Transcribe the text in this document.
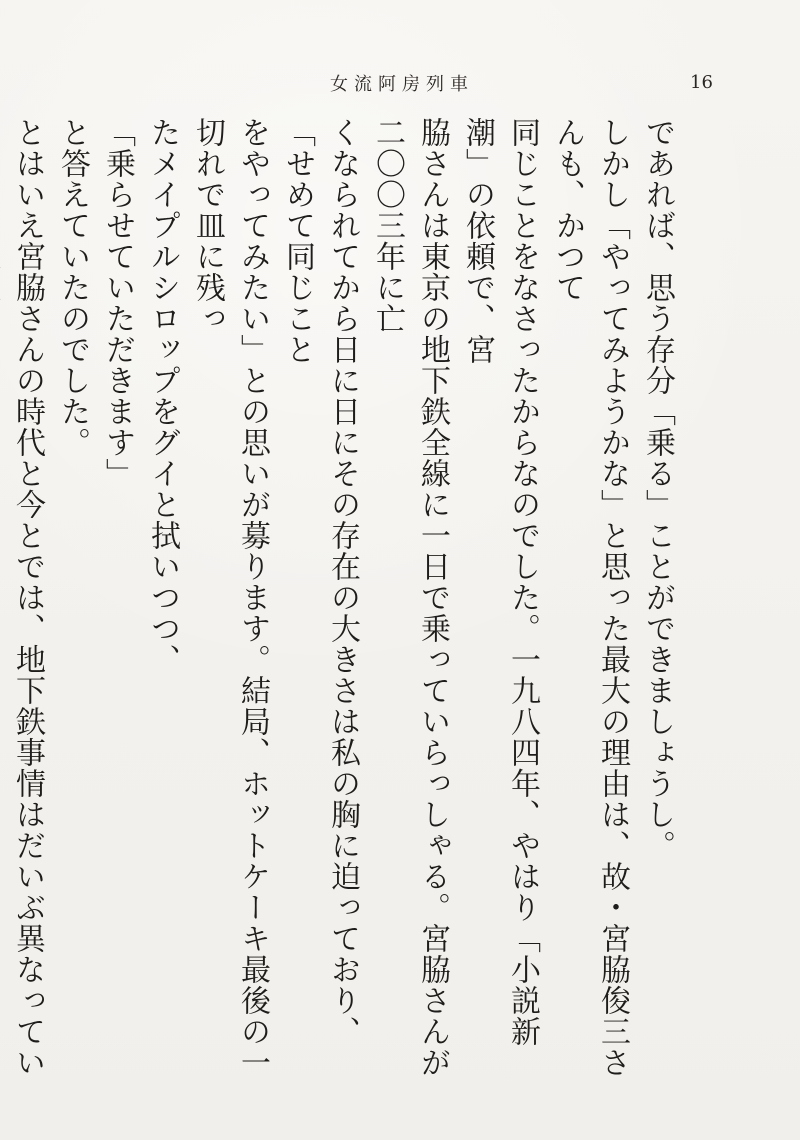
女流阿房列車	16

であれば、思う存分「乗る」ことができましょうし。

しかし「やってみようかな」と思った最大の理由は、故・宮脇俊三さんも、かつて

同じことをなさったからなのでした。一九八四年、やはり「小説新潮」の依頼で、宮

脇さんは東京の地下鉄全線に一日で乗っていらっしゃる。宮脇さんが二〇〇三年に亡

くなられてから日に日にその存在の大きさは私の胸に迫っており、「せめて同じこと

をやってみたい」との思いが募ります。結局、ホットケーキ最後の一切れで皿に残っ

たメイプルシロップをグイと拭いつつ、

「乗らせていただきます」

と答えていたのでした。

とはいえ宮脇さんの時代と今とでは、地下鉄事情はだいぶ異なってい
